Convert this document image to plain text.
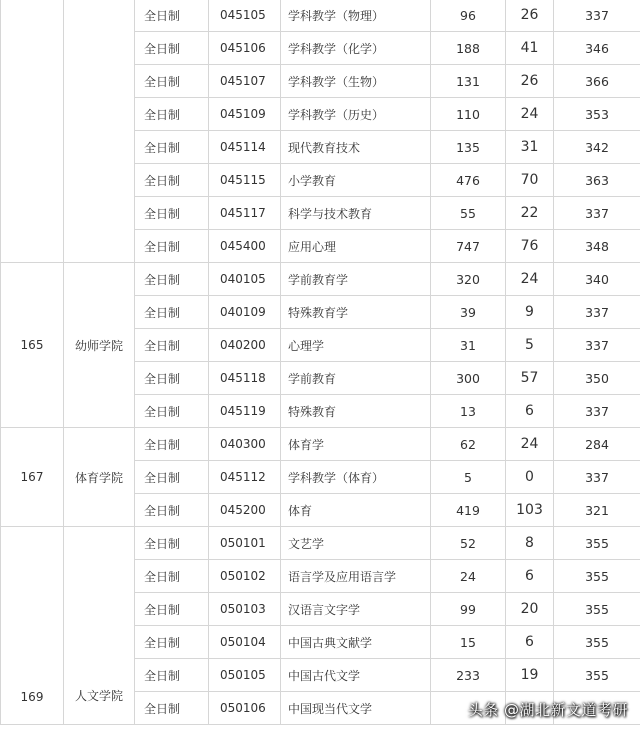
		全日制	045105	学科教学（物理）	96	26	337
		全日制	045106	学科教学（化学）	188	41	346
		全日制	045107	学科教学（生物）	131	26	366
		全日制	045109	学科教学（历史）	110	24	353
		全日制	045114	现代教育技术	135	31	342
		全日制	045115	小学教育	476	70	363
		全日制	045117	科学与技术教育	55	22	337
		全日制	045400	应用心理	747	76	348
165	幼师学院	全日制	040105	学前教育学	320	24	340
		全日制	040109	特殊教育学	39	9	337
		全日制	040200	心理学	31	5	337
		全日制	045118	学前教育	300	57	350
		全日制	045119	特殊教育	13	6	337
167	体育学院	全日制	040300	体育学	62	24	284
		全日制	045112	学科教学（体育）	5	0	337
		全日制	045200	体育	419	103	321
169	人文学院	全日制	050101	文艺学	52	8	355
		全日制	050102	语言学及应用语言学	24	6	355
		全日制	050103	汉语言文字学	99	20	355
		全日制	050104	中国古典文献学	15	6	355
		全日制	050105	中国古代文学	233	19	355
		全日制	050106	中国现当代文学				头条 @湖北新文道考研
